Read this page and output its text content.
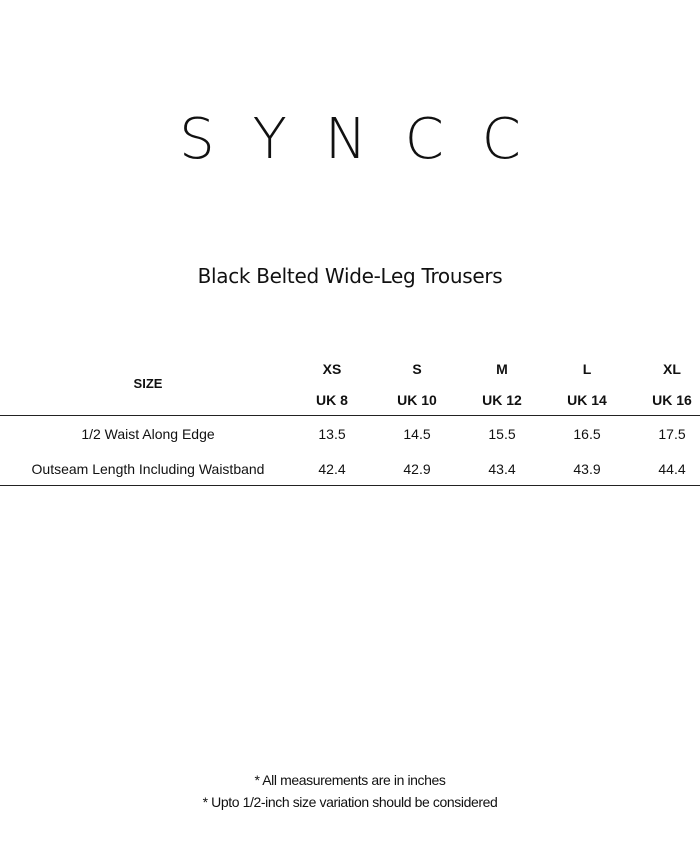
SYNCC
Black Belted Wide-Leg Trousers
SIZE
XS	S	M	L	XL
UK 8	UK 10	UK 12	UK 14	UK 16
1/2 Waist Along Edge	13.5	14.5	15.5	16.5	17.5
Outseam Length Including Waistband	42.4	42.9	43.4	43.9	44.4
* All measurements are in inches
* Upto 1/2-inch size variation should be considered
